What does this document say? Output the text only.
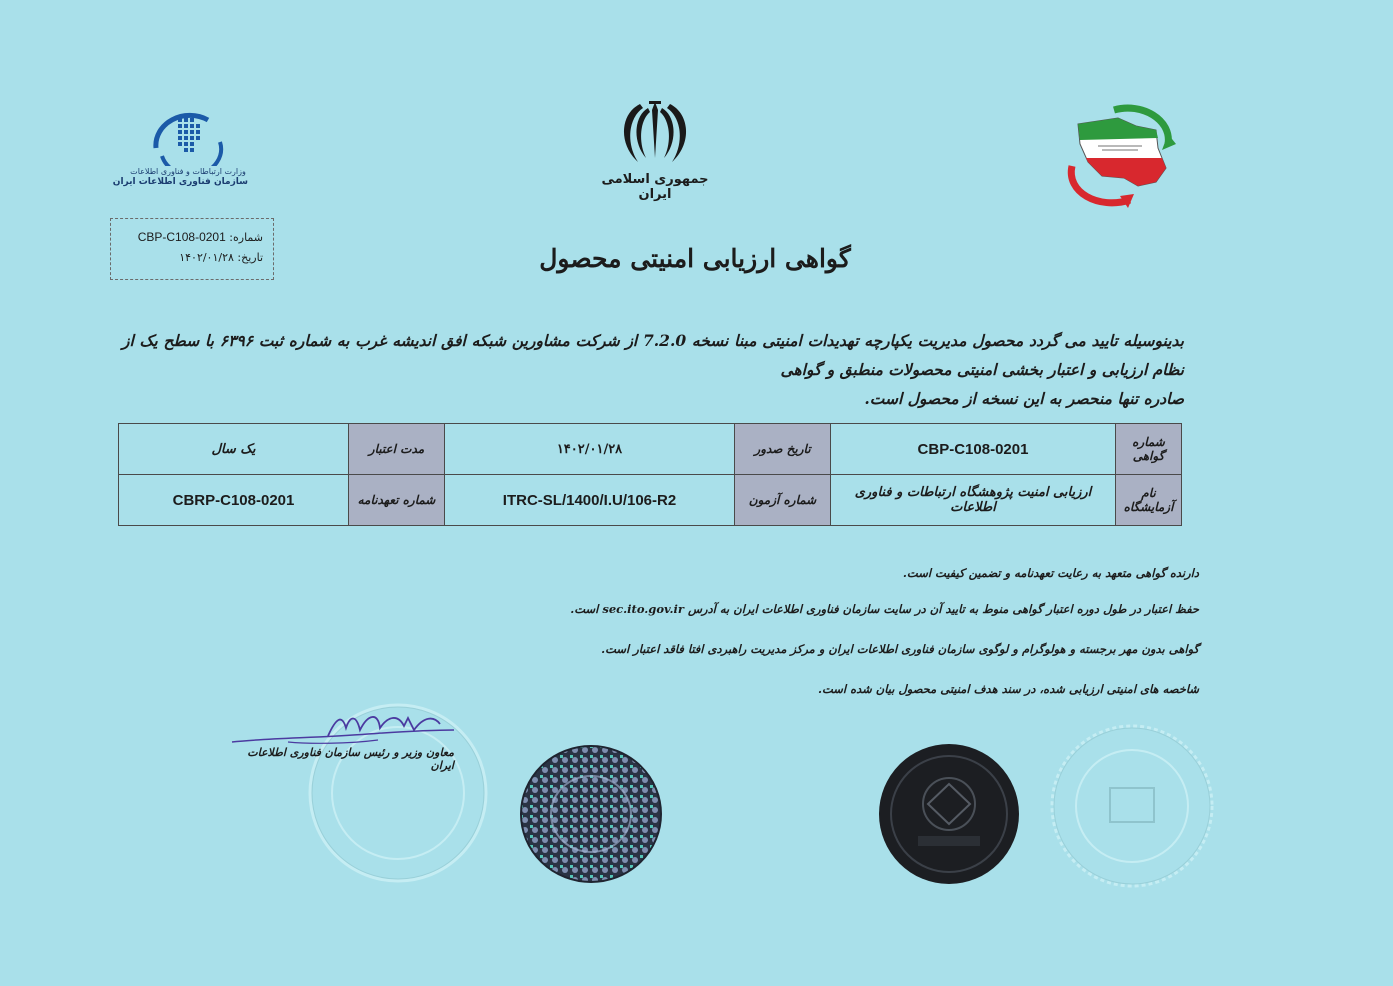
وزارت ارتباطات و فناوری اطلاعات
سازمان فناوری اطلاعات ایران	جمهوری اسلامی ایران
شماره: CBP-C108-0201
تاریخ: ۱۴۰۲/۰۱/۲۸	گواهی ارزیابی امنیتی محصول
بدینوسیله تایید می گردد محصول مدیریت یکپارچه تهدیدات امنیتی مبنا نسخه 7.2.0 از شرکت مشاورین شبکه افق اندیشه غرب به شماره ثبت ۶۳۹۶ با سطح یک از نظام ارزیابی و اعتبار بخشی امنیتی محصولات منطبق و گواهی
صادره تنها منحصر به این نسخه از محصول است.
شماره گواهی	CBP-C108-0201	تاریخ صدور	۱۴۰۲/۰۱/۲۸	مدت اعتبار	یک سال
نام آزمایشگاه	ارزیابی امنیت پژوهشگاه ارتباطات و فناوری اطلاعات	شماره آزمون	ITRC-SL/1400/I.U/106-R2	شماره تعهدنامه	CBRP-C108-0201
دارنده گواهی متعهد به رعایت تعهدنامه و تضمین کیفیت است.
حفظ اعتبار در طول دوره اعتبار گواهی منوط به تایید آن در سایت سازمان فناوری اطلاعات ایران به آدرس sec.ito.gov.ir است.
گواهی بدون مهر برجسته و هولوگرام و لوگوی سازمان فناوری اطلاعات ایران و مرکز مدیریت راهبردی افتا فاقد اعتبار است.
شاخصه های امنیتی ارزیابی شده، در سند هدف امنیتی محصول بیان شده است.
معاون وزیر و رئیس سازمان فناوری اطلاعات ایران
